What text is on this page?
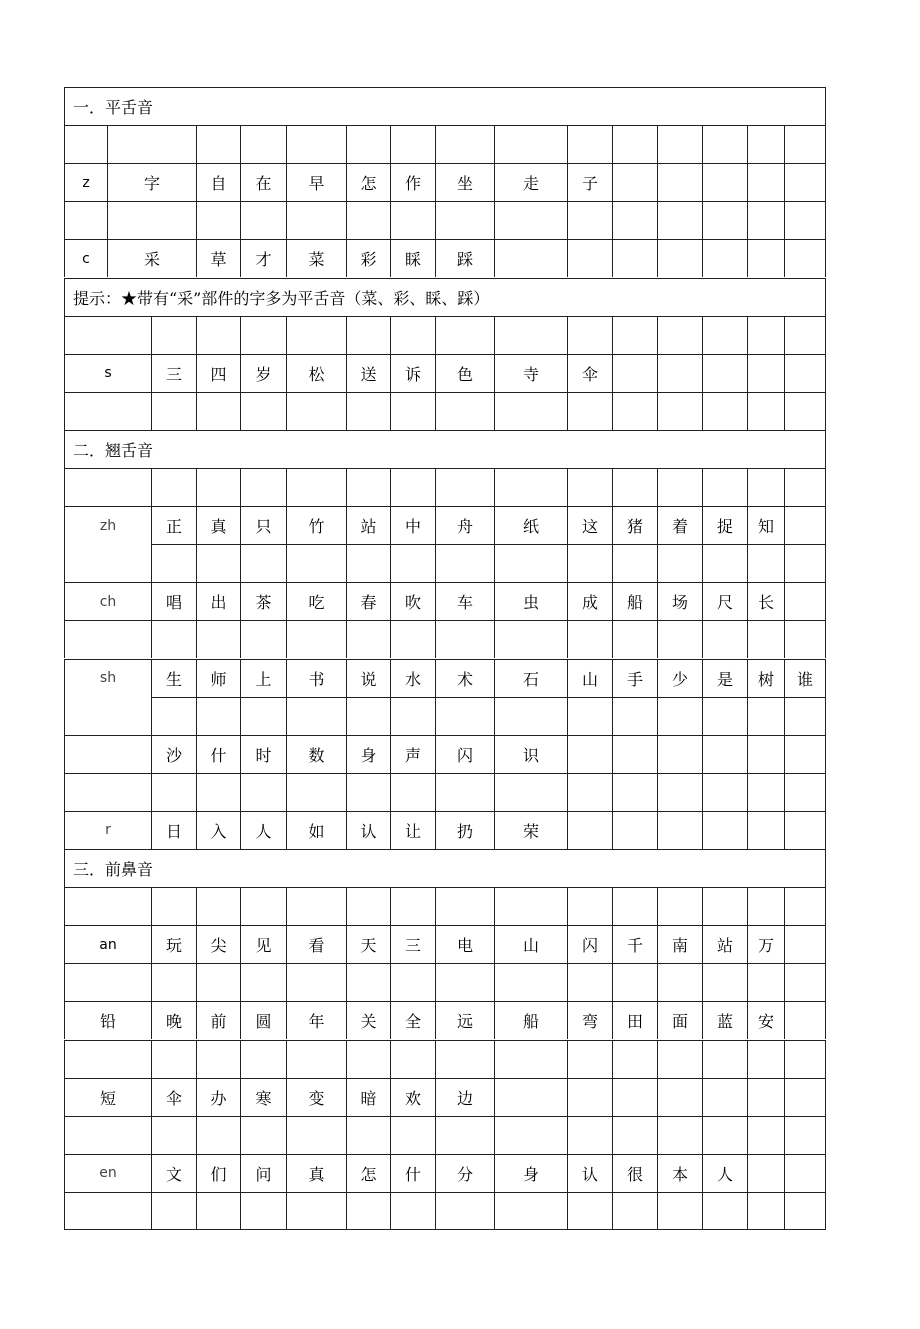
一．平舌音
z	字	自	在	早	怎	作	坐	走	子
c	采	草	才	菜	彩	睬	踩
提示：★带有“采”部件的字多为平舌音（菜、彩、睬、踩）
s	三	四	岁	松	送	诉	色	寺	伞
二．翘舌音
zh	正	真	只	竹	站	中	舟	纸	这	猪	着	捉	知
ch	唱	出	茶	吃	春	吹	车	虫	成	船	场	尺	长
sh	生	师	上	书	说	水	术	石	山	手	少	是	树	谁
沙	什	时	数	身	声	闪	识
r	日	入	人	如	认	让	扔	荣
三．前鼻音
an	玩	尖	见	看	天	三	电	山	闪	千	南	站	万
铅	晚	前	圆	年	关	全	远	船	弯	田	面	蓝	安
短	伞	办	寒	变	暗	欢	边
en	文	们	问	真	怎	什	分	身	认	很	本	人
